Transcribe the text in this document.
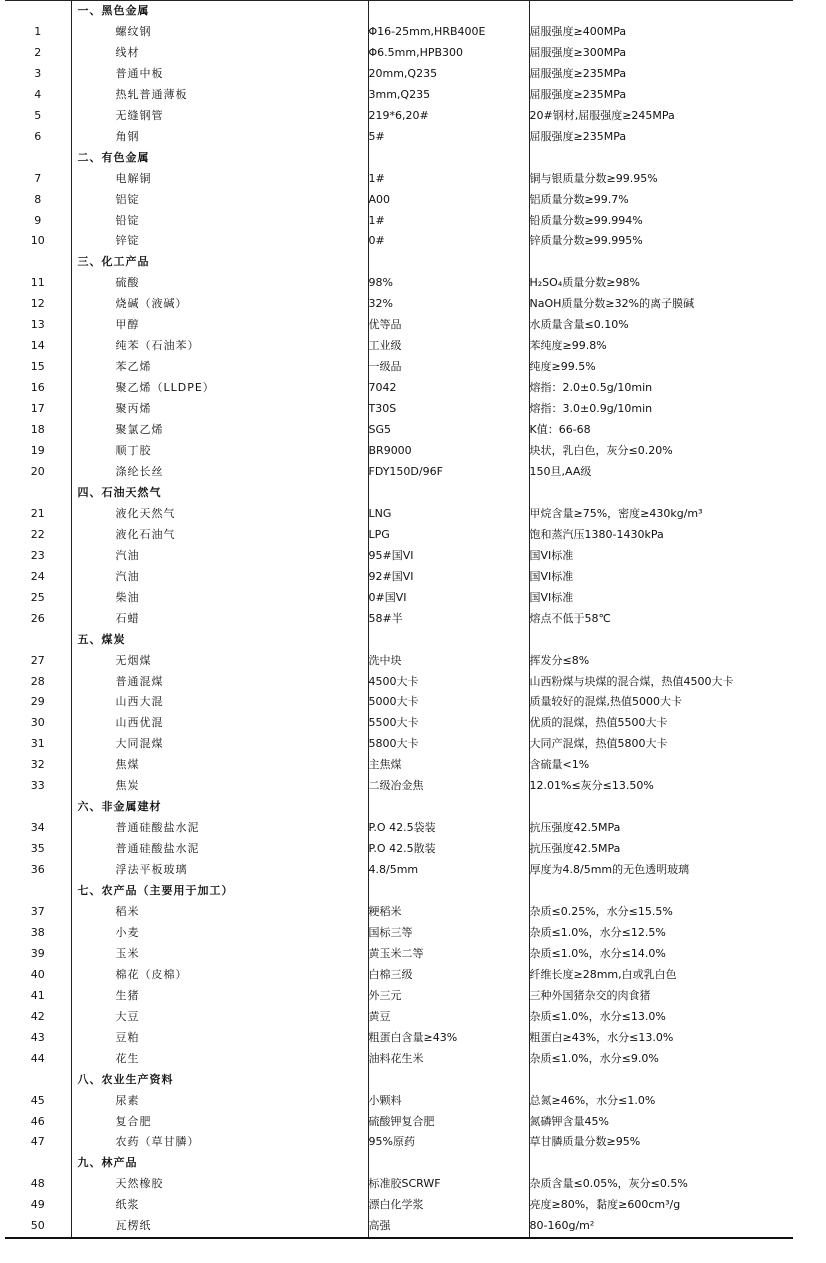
	一、黑色金属		
1	螺纹钢	Φ16-25mm,HRB400E	屈服强度≥400MPa
2	线材	Φ6.5mm,HPB300	屈服强度≥300MPa
3	普通中板	20mm,Q235	屈服强度≥235MPa
4	热轧普通薄板	3mm,Q235	屈服强度≥235MPa
5	无缝钢管	219*6,20#	20#钢材,屈服强度≥245MPa
6	角钢	5#	屈服强度≥235MPa
	二、有色金属		
7	电解铜	1#	铜与银质量分数≥99.95%
8	铝锭	A00	铝质量分数≥99.7%
9	铅锭	1#	铅质量分数≥99.994%
10	锌锭	0#	锌质量分数≥99.995%
	三、化工产品		
11	硫酸	98%	H₂SO₄质量分数≥98%
12	烧碱（液碱）	32%	NaOH质量分数≥32%的离子膜碱
13	甲醇	优等品	水质量含量≤0.10%
14	纯苯（石油苯）	工业级	苯纯度≥99.8%
15	苯乙烯	一级品	纯度≥99.5%
16	聚乙烯（LLDPE）	7042	熔指：2.0±0.5g/10min
17	聚丙烯	T30S	熔指：3.0±0.9g/10min
18	聚氯乙烯	SG5	K值：66-68
19	顺丁胶	BR9000	块状，乳白色，灰分≤0.20%
20	涤纶长丝	FDY150D/96F	150旦,AA级
	四、石油天然气		
21	液化天然气	LNG	甲烷含量≥75%，密度≥430kg/m³
22	液化石油气	LPG	饱和蒸汽压1380-1430kPa
23	汽油	95#国VI	国VI标准
24	汽油	92#国VI	国VI标准
25	柴油	0#国VI	国VI标准
26	石蜡	58#半	熔点不低于58℃
	五、煤炭		
27	无烟煤	洗中块	挥发分≤8%
28	普通混煤	4500大卡	山西粉煤与块煤的混合煤，热值4500大卡
29	山西大混	5000大卡	质量较好的混煤,热值5000大卡
30	山西优混	5500大卡	优质的混煤，热值5500大卡
31	大同混煤	5800大卡	大同产混煤，热值5800大卡
32	焦煤	主焦煤	含硫量<1%
33	焦炭	二级冶金焦	12.01%≤灰分≤13.50%
	六、非金属建材		
34	普通硅酸盐水泥	P.O 42.5袋装	抗压强度42.5MPa
35	普通硅酸盐水泥	P.O 42.5散装	抗压强度42.5MPa
36	浮法平板玻璃	4.8/5mm	厚度为4.8/5mm的无色透明玻璃
	七、农产品（主要用于加工）		
37	稻米	粳稻米	杂质≤0.25%，水分≤15.5%
38	小麦	国标三等	杂质≤1.0%，水分≤12.5%
39	玉米	黄玉米二等	杂质≤1.0%，水分≤14.0%
40	棉花（皮棉）	白棉三级	纤维长度≥28mm,白或乳白色
41	生猪	外三元	三种外国猪杂交的肉食猪
42	大豆	黄豆	杂质≤1.0%，水分≤13.0%
43	豆粕	粗蛋白含量≥43%	粗蛋白≥43%，水分≤13.0%
44	花生	油料花生米	杂质≤1.0%，水分≤9.0%
	八、农业生产资料		
45	尿素	小颗料	总氮≥46%，水分≤1.0%
46	复合肥	硫酸钾复合肥	氮磷钾含量45%
47	农药（草甘膦）	95%原药	草甘膦质量分数≥95%
	九、林产品		
48	天然橡胶	标准胶SCRWF	杂质含量≤0.05%，灰分≤0.5%
49	纸浆	漂白化学浆	亮度≥80%，黏度≥600cm³/g
50	瓦楞纸	高强	80-160g/m²
